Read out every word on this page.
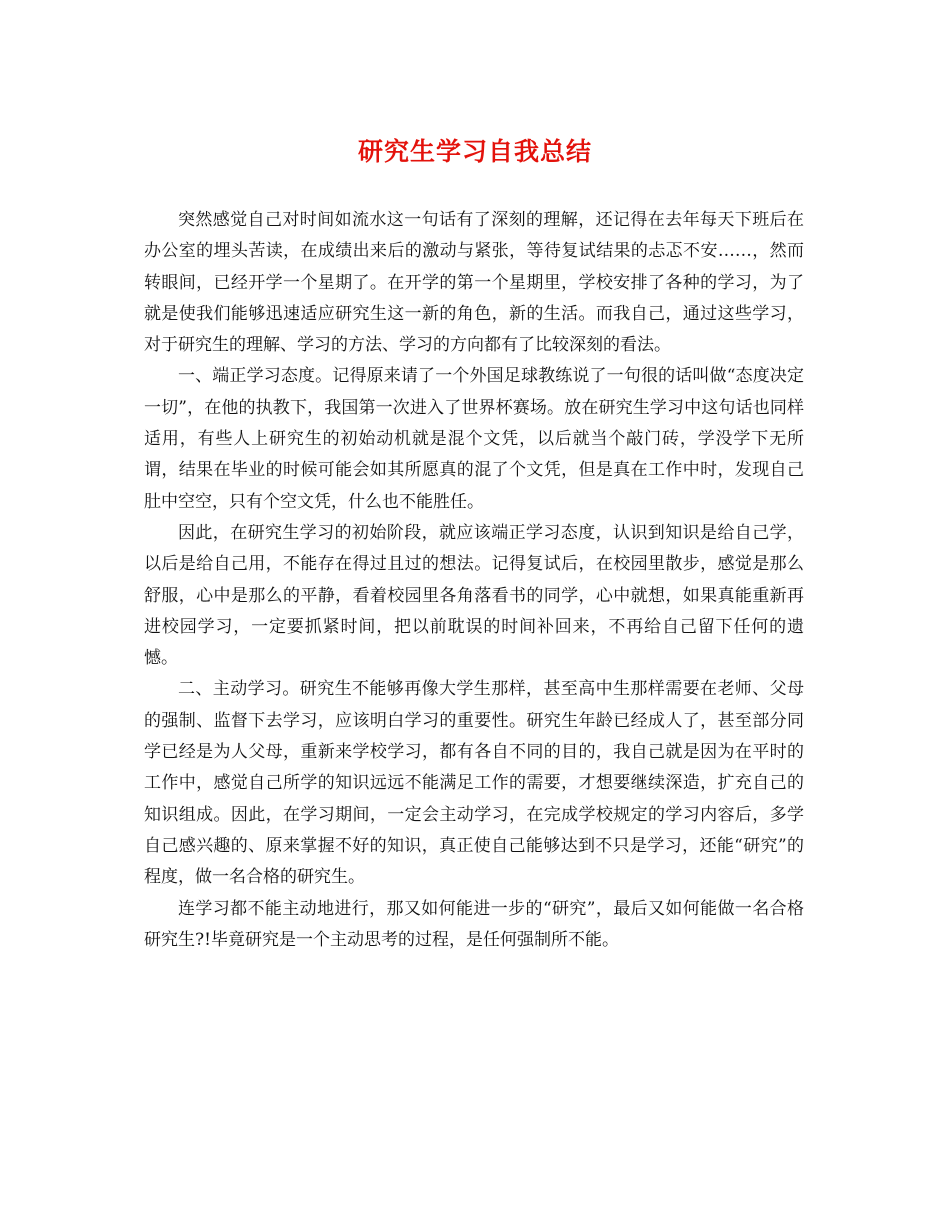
研究生学习自我总结

突然感觉自己对时间如流水这一句话有了深刻的理解，还记得在去年每天下班后在办公室的埋头苦读，在成绩出来后的激动与紧张，等待复试结果的忐忑不安……，然而转眼间，已经开学一个星期了。在开学的第一个星期里，学校安排了各种的学习，为了就是使我们能够迅速适应研究生这一新的角色，新的生活。而我自己，通过这些学习，对于研究生的理解、学习的方法、学习的方向都有了比较深刻的看法。

一、端正学习态度。记得原来请了一个外国足球教练说了一句很的话叫做“态度决定一切”，在他的执教下，我国第一次进入了世界杯赛场。放在研究生学习中这句话也同样适用，有些人上研究生的初始动机就是混个文凭，以后就当个敲门砖，学没学下无所谓，结果在毕业的时候可能会如其所愿真的混了个文凭，但是真在工作中时，发现自己肚中空空，只有个空文凭，什么也不能胜任。

因此，在研究生学习的初始阶段，就应该端正学习态度，认识到知识是给自己学，以后是给自己用，不能存在得过且过的想法。记得复试后，在校园里散步，感觉是那么舒服，心中是那么的平静，看着校园里各角落看书的同学，心中就想，如果真能重新再进校园学习，一定要抓紧时间，把以前耽误的时间补回来，不再给自己留下任何的遗憾。

二、主动学习。研究生不能够再像大学生那样，甚至高中生那样需要在老师、父母的强制、监督下去学习，应该明白学习的重要性。研究生年龄已经成人了，甚至部分同学已经是为人父母，重新来学校学习，都有各自不同的目的，我自己就是因为在平时的工作中，感觉自己所学的知识远远不能满足工作的需要，才想要继续深造，扩充自己的知识组成。因此，在学习期间，一定会主动学习，在完成学校规定的学习内容后，多学自己感兴趣的、原来掌握不好的知识，真正使自己能够达到不只是学习，还能“研究”的程度，做一名合格的研究生。

连学习都不能主动地进行，那又如何能进一步的“研究”，最后又如何能做一名合格研究生?!毕竟研究是一个主动思考的过程，是任何强制所不能。
